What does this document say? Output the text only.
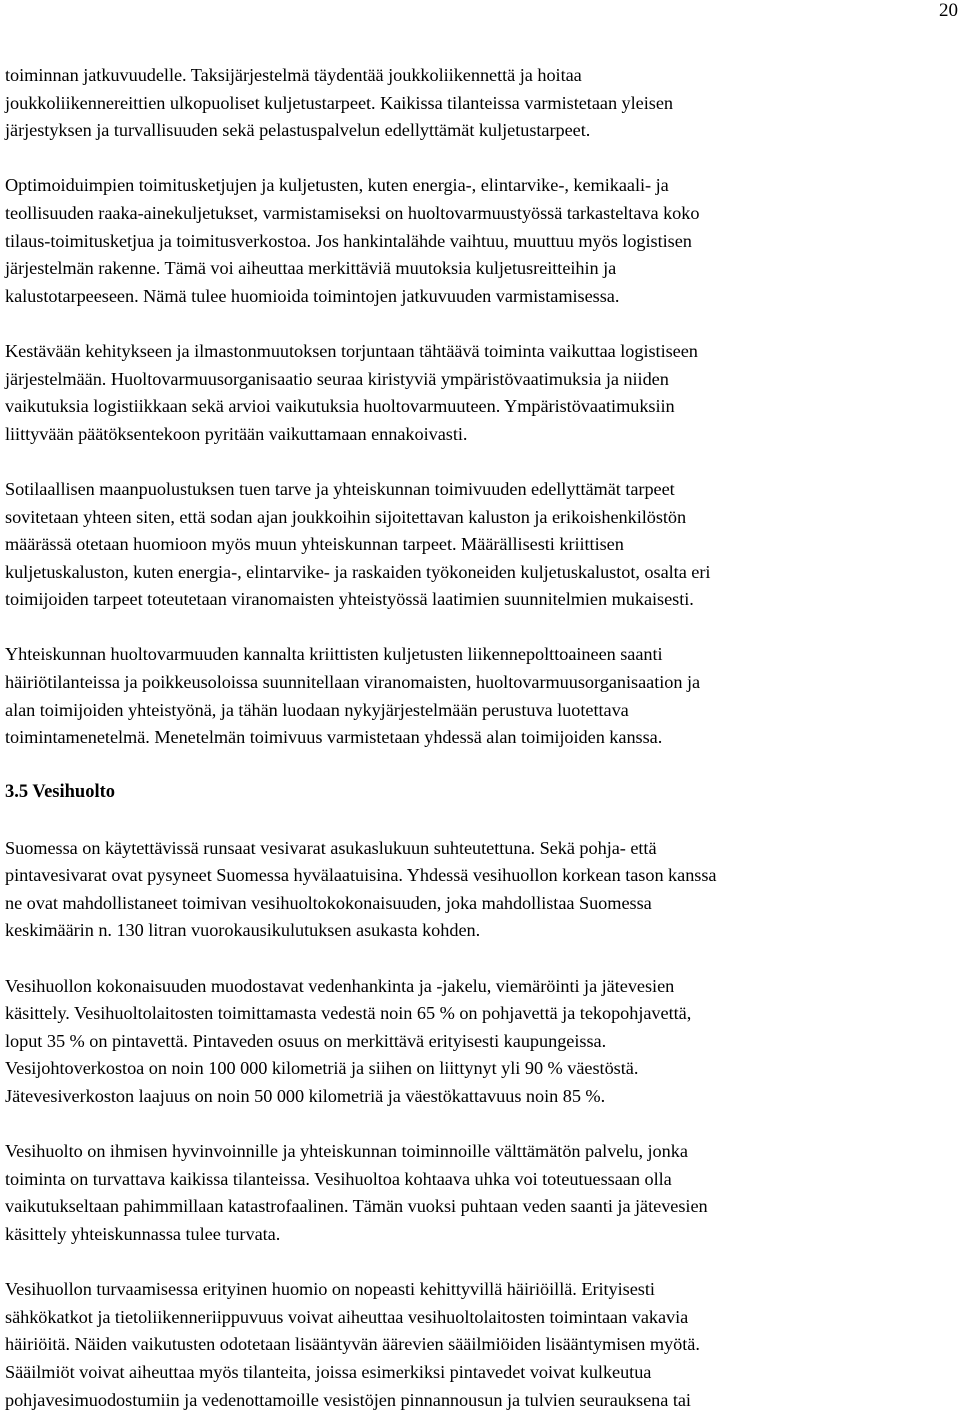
20
toiminnan jatkuvuudelle. Taksijärjestelmä täydentää joukkoliikennettä ja hoitaa
joukkoliikennereittien ulkopuoliset kuljetustarpeet. Kaikissa tilanteissa varmistetaan yleisen
järjestyksen ja turvallisuuden sekä pelastuspalvelun edellyttämät kuljetustarpeet.
Optimoiduimpien toimitusketjujen ja kuljetusten, kuten energia-, elintarvike-, kemikaali- ja
teollisuuden raaka-ainekuljetukset, varmistamiseksi on huoltovarmuustyössä tarkasteltava koko
tilaus-toimitusketjua ja toimitusverkostoa. Jos hankintalähde vaihtuu, muuttuu myös logistisen
järjestelmän rakenne. Tämä voi aiheuttaa merkittäviä muutoksia kuljetusreitteihin ja
kalustotarpeeseen. Nämä tulee huomioida toimintojen jatkuvuuden varmistamisessa.
Kestävään kehitykseen ja ilmastonmuutoksen torjuntaan tähtäävä toiminta vaikuttaa logistiseen
järjestelmään. Huoltovarmuusorganisaatio seuraa kiristyviä ympäristövaatimuksia ja niiden
vaikutuksia logistiikkaan sekä arvioi vaikutuksia huoltovarmuuteen. Ympäristövaatimuksiin
liittyvään päätöksentekoon pyritään vaikuttamaan ennakoivasti.
Sotilaallisen maanpuolustuksen tuen tarve ja yhteiskunnan toimivuuden edellyttämät tarpeet
sovitetaan yhteen siten, että sodan ajan joukkoihin sijoitettavan kaluston ja erikoishenkilöstön
määrässä otetaan huomioon myös muun yhteiskunnan tarpeet. Määrällisesti kriittisen
kuljetuskaluston, kuten energia-, elintarvike- ja raskaiden työkoneiden kuljetuskalustot, osalta eri
toimijoiden tarpeet toteutetaan viranomaisten yhteistyössä laatimien suunnitelmien mukaisesti.
Yhteiskunnan huoltovarmuuden kannalta kriittisten kuljetusten liikennepolttoaineen saanti
häiriötilanteissa ja poikkeusoloissa suunnitellaan viranomaisten, huoltovarmuusorganisaation ja
alan toimijoiden yhteistyönä, ja tähän luodaan nykyjärjestelmään perustuva luotettava
toimintamenetelmä. Menetelmän toimivuus varmistetaan yhdessä alan toimijoiden kanssa.
3.5 Vesihuolto
Suomessa on käytettävissä runsaat vesivarat asukaslukuun suhteutettuna. Sekä pohja- että
pintavesivarat ovat pysyneet Suomessa hyvälaatuisina. Yhdessä vesihuollon korkean tason kanssa
ne ovat mahdollistaneet toimivan vesihuoltokokonaisuuden, joka mahdollistaa Suomessa
keskimäärin n. 130 litran vuorokausikulutuksen asukasta kohden.
Vesihuollon kokonaisuuden muodostavat vedenhankinta ja -jakelu, viemäröinti ja jätevesien
käsittely. Vesihuoltolaitosten toimittamasta vedestä noin 65 % on pohjavettä ja tekopohjavettä,
loput 35 % on pintavettä. Pintaveden osuus on merkittävä erityisesti kaupungeissa.
Vesijohtoverkostoa on noin 100 000 kilometriä ja siihen on liittynyt yli 90 % väestöstä.
Jätevesiverkoston laajuus on noin 50 000 kilometriä ja väestökattavuus noin 85 %.
Vesihuolto on ihmisen hyvinvoinnille ja yhteiskunnan toiminnoille välttämätön palvelu, jonka
toiminta on turvattava kaikissa tilanteissa. Vesihuoltoa kohtaava uhka voi toteutuessaan olla
vaikutukseltaan pahimmillaan katastrofaalinen. Tämän vuoksi puhtaan veden saanti ja jätevesien
käsittely yhteiskunnassa tulee turvata.
Vesihuollon turvaamisessa erityinen huomio on nopeasti kehittyvillä häiriöillä. Erityisesti
sähkökatkot ja tietoliikenneriippuvuus voivat aiheuttaa vesihuoltolaitosten toimintaan vakavia
häiriöitä. Näiden vaikutusten odotetaan lisääntyvän äärevien sääilmiöiden lisääntymisen myötä.
Sääilmiöt voivat aiheuttaa myös tilanteita, joissa esimerkiksi pintavedet voivat kulkeutua
pohjavesimuodostumiin ja vedenottamoille vesistöjen pinnannousun ja tulvien seurauksena tai
